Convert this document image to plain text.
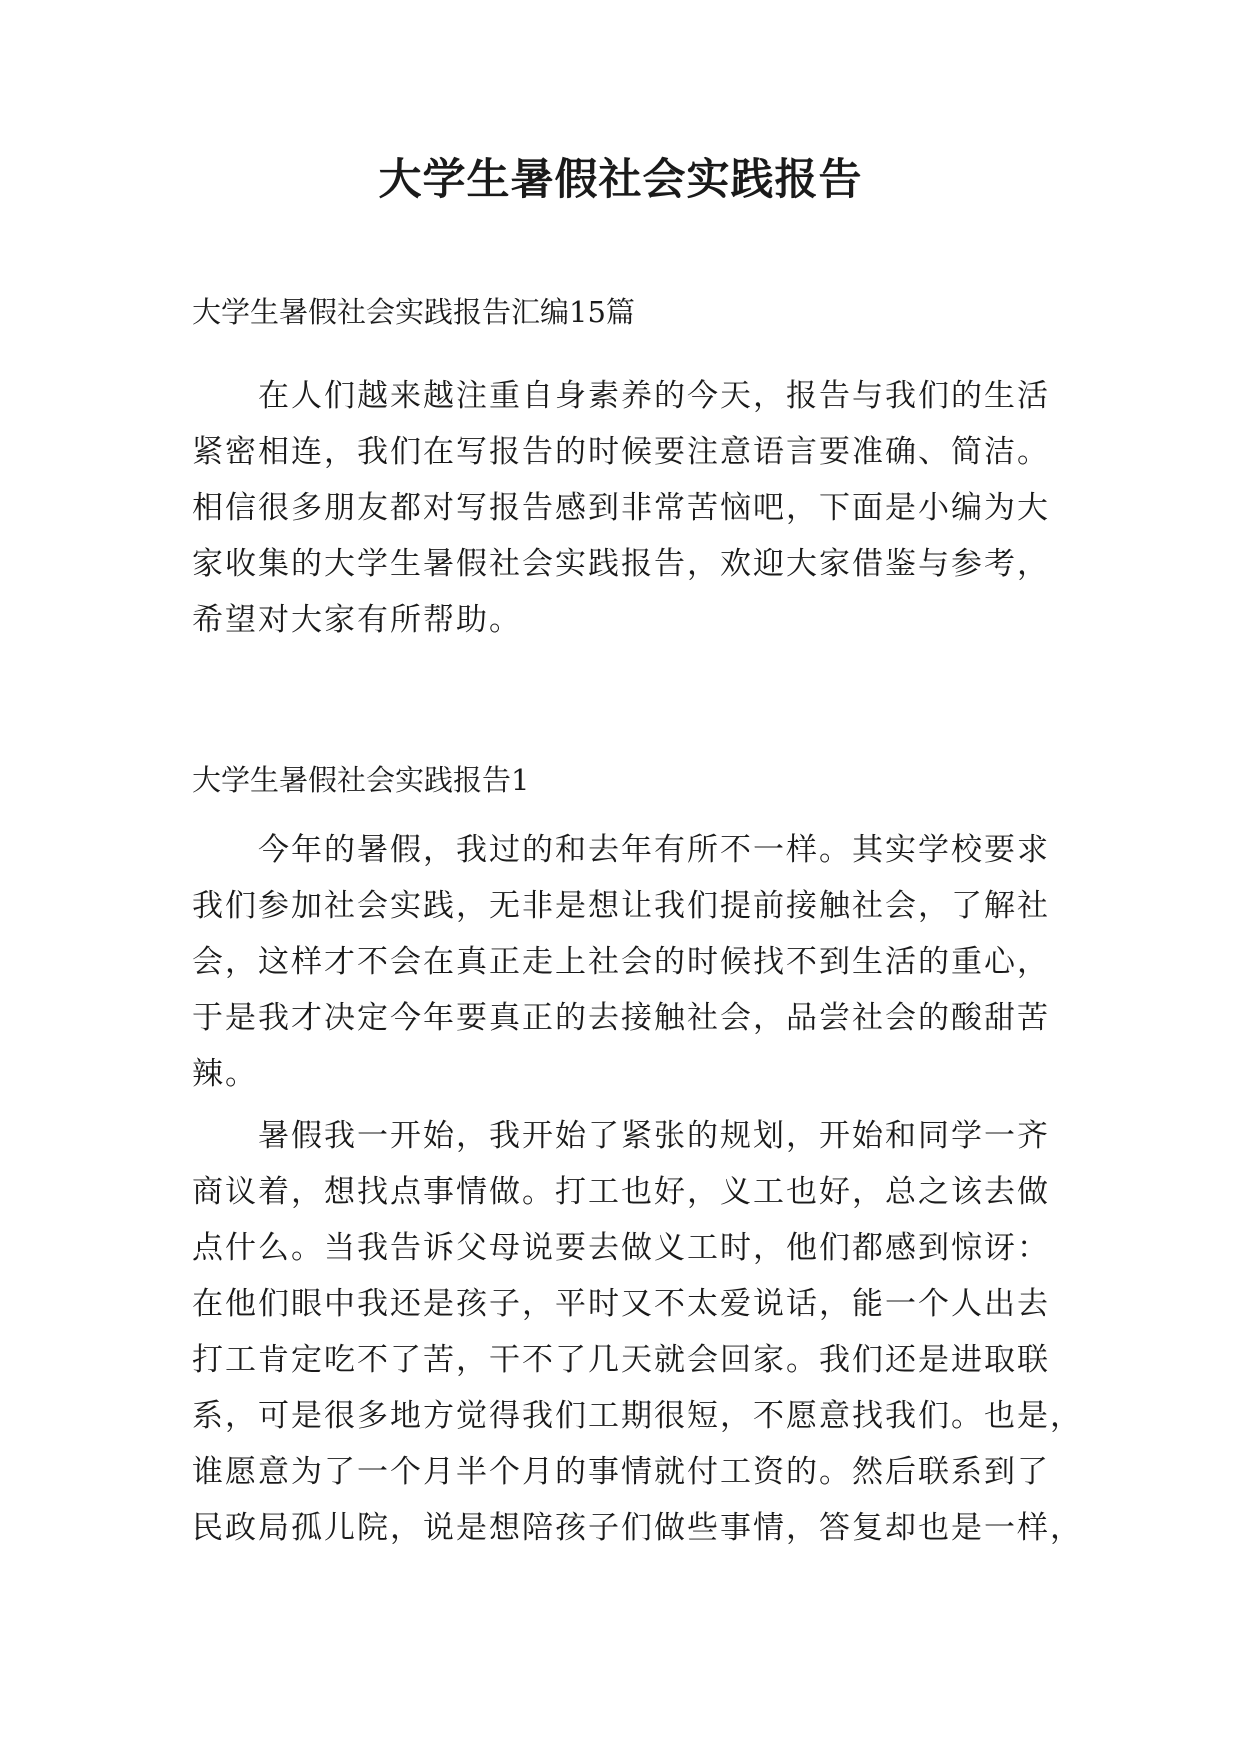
大学生暑假社会实践报告

大学生暑假社会实践报告汇编15篇

在人们越来越注重自身素养的今天，报告与我们的生活
紧密相连，我们在写报告的时候要注意语言要准确、简洁。
相信很多朋友都对写报告感到非常苦恼吧，下面是小编为大
家收集的大学生暑假社会实践报告，欢迎大家借鉴与参考，
希望对大家有所帮助。

大学生暑假社会实践报告1

今年的暑假，我过的和去年有所不一样。其实学校要求
我们参加社会实践，无非是想让我们提前接触社会，了解社
会，这样才不会在真正走上社会的时候找不到生活的重心，
于是我才决定今年要真正的去接触社会，品尝社会的酸甜苦
辣。
暑假我一开始，我开始了紧张的规划，开始和同学一齐
商议着，想找点事情做。打工也好，义工也好，总之该去做
点什么。当我告诉父母说要去做义工时，他们都感到惊讶：
在他们眼中我还是孩子，平时又不太爱说话，能一个人出去
打工肯定吃不了苦，干不了几天就会回家。我们还是进取联
系，可是很多地方觉得我们工期很短，不愿意找我们。也是，
谁愿意为了一个月半个月的事情就付工资的。然后联系到了
民政局孤儿院，说是想陪孩子们做些事情，答复却也是一样，
